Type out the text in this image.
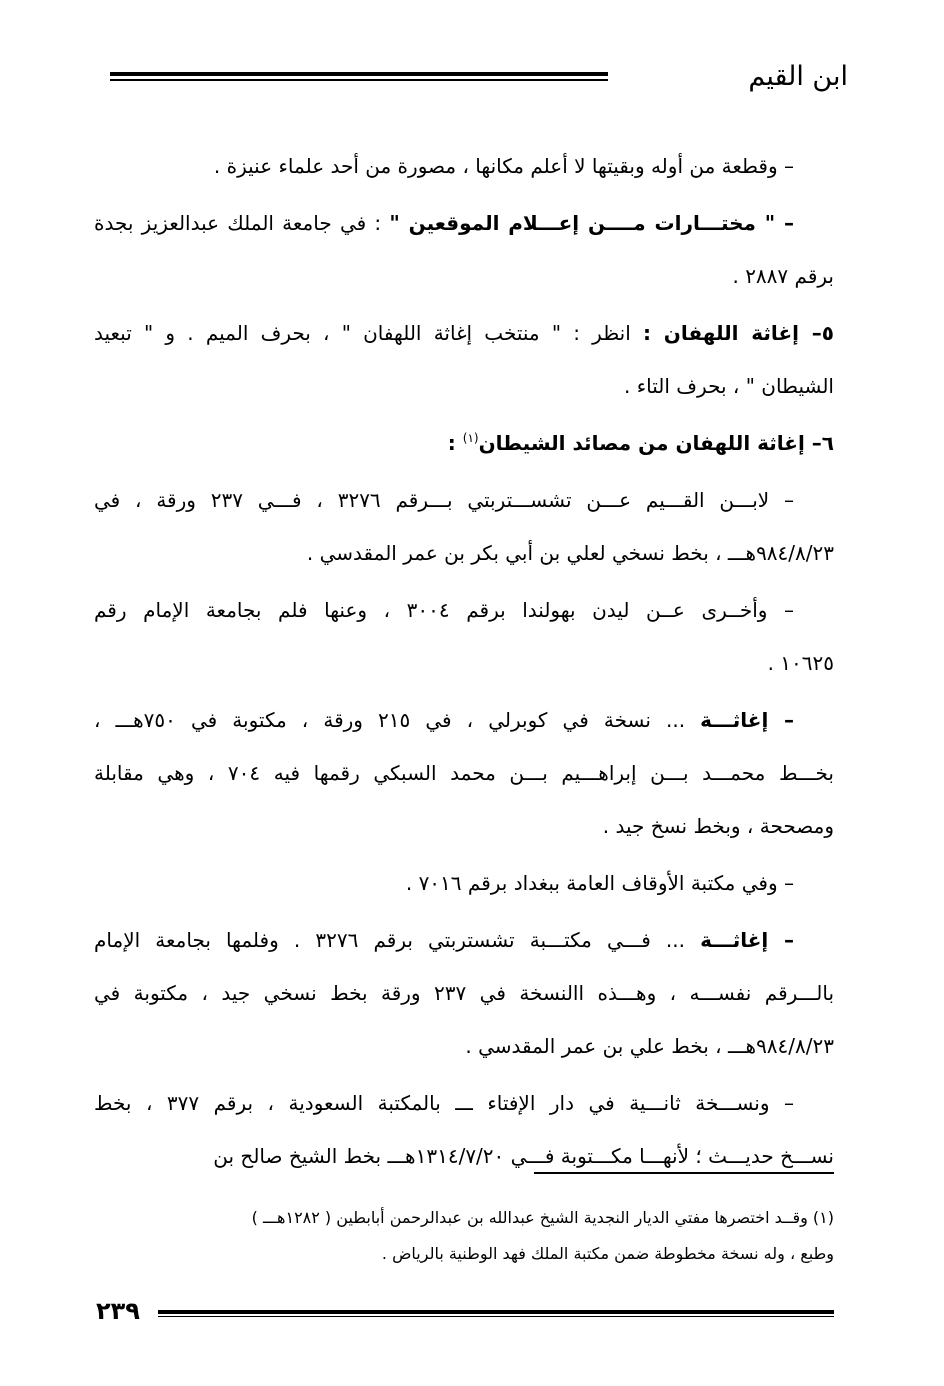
ابن القيم
– وقطعة من أوله وبقيتها لا أعلم مكانها ، مصورة من أحد علماء عنيزة .
– " مختـــارات مــــن إعـــلام الموقعين " : في جامعة الملك عبدالعزيز بجدة
برقم ٢٨٨٧ .
٥– إغاثة اللهفان : انظر : " منتخب إغاثة اللهفان " ، بحرف الميم . و " تبعيد
الشيطان " ، بحرف التاء .
٦– إغاثة اللهفان من مصائد الشيطان$^{(١)}$ :
– لابـــن القـــيم عـــن تشســـتربتي بـــرقم ٣٢٧٦ ، فـــي ٢٣٧ ورقة ، في
٩٨٤/٨/٢٣هـــ ، بخط نسخي لعلي بن أبي بكر بن عمر المقدسي .
– وأخــرى عــن ليدن بهولندا برقم ٣٠٠٤ ، وعنها فلم بجامعة الإمام رقم
١٠٦٢٥ .
– إغاثـــة ... نسخة في كوبرلي ، في ٢١٥ ورقة ، مكتوبة في ٧٥٠هـــ ،
بخـــط محمـــد بـــن إبراهـــيم بـــن محمد السبكي رقمها فيه ٧٠٤ ، وهي مقابلة
ومصححة ، وبخط نسخ جيد .
– وفي مكتبة الأوقاف العامة ببغداد برقم ٧٠١٦ .
– إغاثـــة ... فـــي مكتـــبة تشستربتي برقم ٣٢٧٦ . وفلمها بجامعة الإمام
بالـــرقم نفســـه ، وهـــذه االنسخة في ٢٣٧ ورقة بخط نسخي جيد ، مكتوبة في
٩٨٤/٨/٢٣هـــ ، بخط علي بن عمر المقدسي .
– ونســـخة ثانـــية في دار الإفتاء ـــ بالمكتبة السعودية ، برقم ٣٧٧ ، بخط
نســـخ حديـــث ؛ لأنهـــا مكـــتوبة فـــي ١٣١٤/٧/٢٠هـــ بخط الشيخ صالح بن
(١) وقــد اختصرها مفتي الديار النجدية الشيخ عبدالله بن عبدالرحمن أبابطين ( ١٢٨٢هـــ )
وطبع ، وله نسخة مخطوطة ضمن مكتبة الملك فهد الوطنية بالرياض .
٢٣٩
